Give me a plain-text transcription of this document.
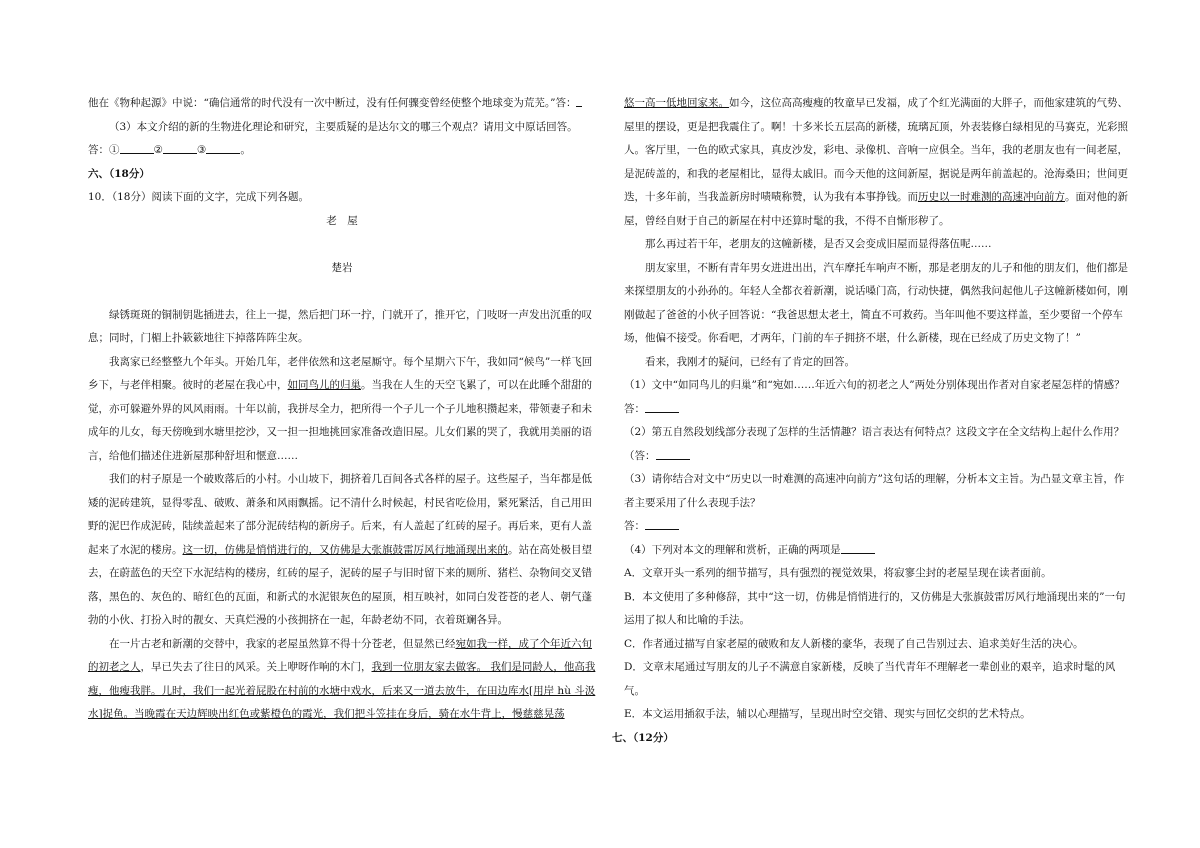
他在《物种起源》中说：“确信通常的时代没有一次中断过，没有任何骤变曾经使整个地球变为荒芜。”答：

（3）本文介绍的新的生物进化理论和研究，主要质疑的是达尔文的哪三个观点？请用文中原话回答。

答：①	②	③	。

六、（18分）

10．（18分）阅读下面的文字，完成下列各题。

老　屋

楚岩

绿锈斑斑的铜制钥匙插进去，往上一提，然后把门环一拧，门就开了，推开它，门吱呀一声发出沉重的叹息；同时，门楣上扑簌簌地往下掉落阵阵尘灰。

我离家已经整整九个年头。开始几年，老伴依然和这老屋厮守。每个星期六下午，我如同“候鸟”一样飞回乡下，与老伴相聚。彼时的老屋在我心中，如同鸟儿的归巢。当我在人生的天空飞累了，可以在此睡个甜甜的觉，亦可躲避外界的风风雨雨。十年以前，我拼尽全力，把所得一个子儿一个子儿地积攒起来，带领妻子和未成年的儿女，每天傍晚到水塘里挖沙，又一担一担地挑回家准备改造旧屋。儿女们累的哭了，我就用美丽的语言，给他们描述住进新屋那种舒坦和惬意……

我们的村子原是一个破败落后的小村。小山坡下，拥挤着几百间各式各样的屋子。这些屋子，当年都是低矮的泥砖建筑，显得零乱、破败、萧条和风雨飘摇。记不清什么时候起，村民省吃俭用，紧死紧活，自己用田野的泥巴作成泥砖，陆续盖起来了部分泥砖结构的新房子。后来，有人盖起了红砖的屋子。再后来，更有人盖起来了水泥的楼房。这一切，仿佛是悄悄进行的，又仿佛是大张旗鼓雷厉风行地涌现出来的。站在高处极目望去，在蔚蓝色的天空下水泥结构的楼房，红砖的屋子，泥砖的屋子与旧时留下来的厕所、猪栏、杂物间交叉错落，黑色的、灰色的、暗红色的瓦面，和新式的水泥银灰色的屋顶，相互映衬，如同白发苍苍的老人、朝气蓬勃的小伙、打扮入时的靓女、天真烂漫的小孩拥挤在一起，年龄老幼不同，衣着斑斓各异。

在一片古老和新潮的交替中，我家的老屋虽然算不得十分苍老，但显然已经宛如我一样，成了个年近六旬的初老之人，早已失去了往日的风采。关上咿呀作响的木门，我到一位朋友家去做客。 我们是同龄人，他高我瘦，他瘦我胖。儿时，我们一起光着屁股在村前的水塘中戏水，后来又一道去放牛，在田边库水[用岸 hù 斗汲水]捉鱼。当晚霞在天边辉映出红色或紫橙色的霞光，我们把斗笠挂在身后，骑在水牛背上，慢慈慈晃荡

悠一高一低地回家来。如今，这位高高瘦瘦的牧童早已发福，成了个红光满面的大胖子，而他家建筑的气势、屋里的摆设，更是把我震住了。啊！十多米长五层高的新楼，琉璃瓦顶，外表装修白绿相见的马赛克，光彩照人。客厅里，一色的欧式家具，真皮沙发，彩电、录像机、音响一应俱全。当年，我的老朋友也有一间老屋，是泥砖盖的，和我的老屋相比，显得太戚旧。而今天他的这间新屋，据说是两年前盖起的。沧海桑田；世间更迭，十多年前，当我盖新房时啧啧称赞，认为我有本事挣钱。而历史以一时难测的高速冲向前方。面对他的新屋，曾经自财于自己的新屋在村中还算时髦的我，不得不自惭形秽了。

那么再过若干年，老朋友的这幢新楼，是否又会变成旧屋而显得落伍呢……

朋友家里，不断有青年男女进进出出，汽车摩托车响声不断，那是老朋友的儿子和他的朋友们，他们都是来探望朋友的小孙孙的。年轻人全都衣着新潮，说话嗓门高，行动快捷，偶然我问起他儿子这幢新楼如何，刚刚做起了爸爸的小伙子回答说：“我爸思想太老土，简直不可救药。当年叫他不要这样盖，至少要留一个停车场，他偏不接受。你看吧，才两年，门前的车子拥挤不堪，什么新楼，现在已经成了历史文物了！”

看来，我刚才的疑问，已经有了肯定的回答。

（1）文中“如同鸟儿的归巢”和“宛如……年近六旬的初老之人”两处分别体现出作者对自家老屋怎样的情感？

答：

（2）第五自然段划线部分表现了怎样的生活情趣？语言表达有何特点？这段文字在全文结构上起什么作用？

（答：

（3）请你结合对文中“历史以一时难测的高速冲向前方”这句话的理解，分析本文主旨。为凸显文章主旨，作者主要采用了什么表现手法？

答：

（4）下列对本文的理解和赏析，正确的两项是

A．文章开头一系列的细节描写，具有强烈的视觉效果，将寂寥尘封的老屋呈现在读者面前。

B．本文使用了多种修辞，其中“这一切，仿佛是悄悄进行的，又仿佛是大张旗鼓雷厉风行地涌现出来的”一句运用了拟人和比喻的手法。

C．作者通过描写自家老屋的破败和友人新楼的豪华，表现了自己告别过去、追求美好生活的决心。

D．文章末尾通过写朋友的儿子不满意自家新楼，反映了当代青年不理解老一辈创业的艰辛，追求时髦的风气。

E．本文运用插叙手法，辅以心理描写，呈现出时空交错、现实与回忆交织的艺术特点。

七、（12分）
